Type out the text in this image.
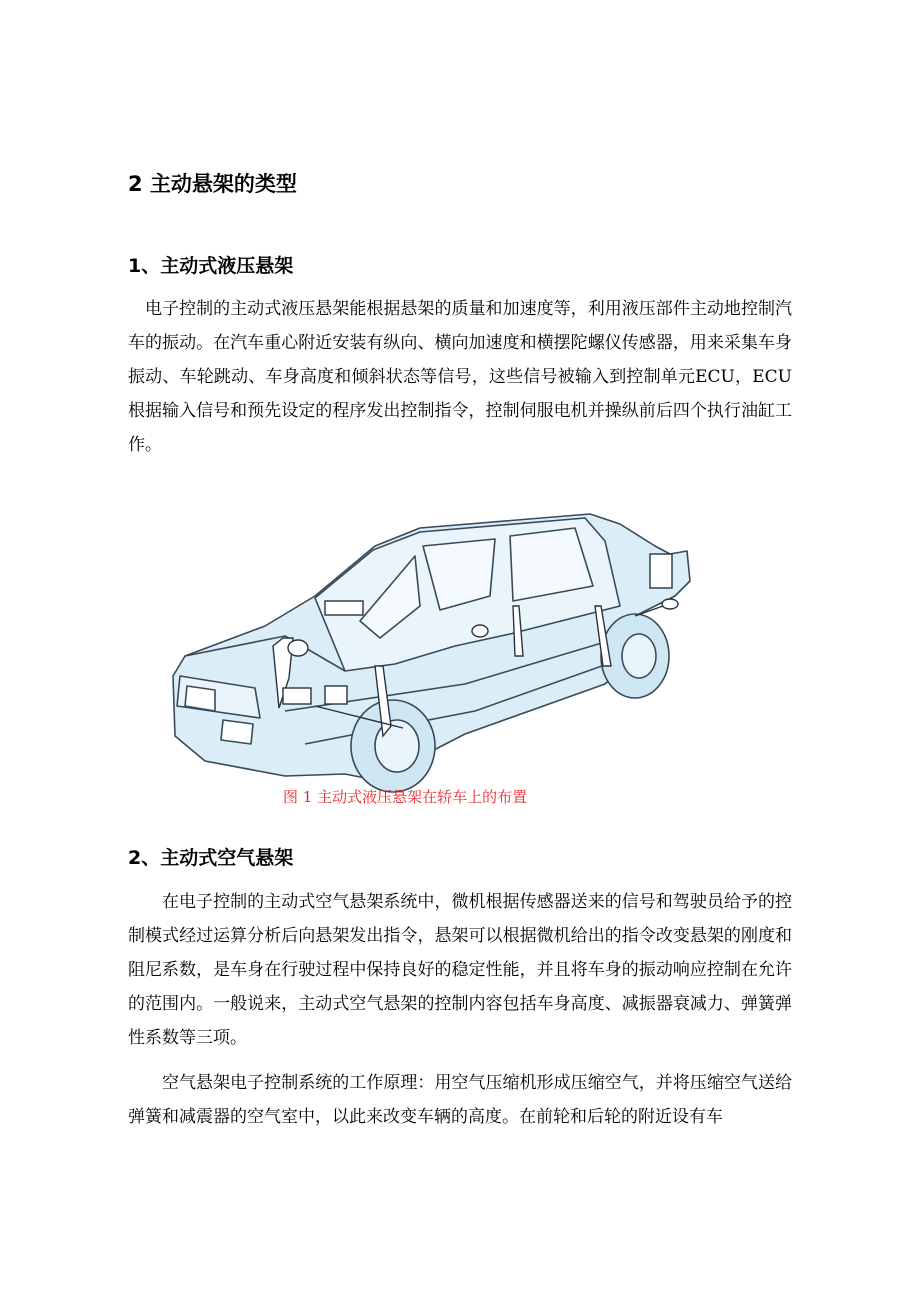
2 主动悬架的类型
1、主动式液压悬架

电子控制的主动式液压悬架能根据悬架的质量和加速度等，利用液压部件主动地控制汽车的振动。在汽车重心附近安装有纵向、横向加速度和横摆陀螺仪传感器，用来采集车身振动、车轮跳动、车身高度和倾斜状态等信号，这些信号被输入到控制单元ECU，ECU　　根据输入信号和预先设定的程序发出控制指令，控制伺服电机并操纵前后四个执行油缸工作。

图 1 主动式液压悬架在轿车上的布置

2、主动式空气悬架

在电子控制的主动式空气悬架系统中，微机根据传感器送来的信号和驾驶员给予的控制模式经过运算分析后向悬架发出指令，悬架可以根据微机给出的指令改变悬架的刚度和阻尼系数，是车身在行驶过程中保持良好的稳定性能，并且将车身的振动响应控制在允许的范围内。一般说来，主动式空气悬架的控制内容包括车身高度、减振器衰减力、弹簧弹性系数等三项。

空气悬架电子控制系统的工作原理：用空气压缩机形成压缩空气，并将压缩空气送给弹簧和减震器的空气室中，以此来改变车辆的高度。在前轮和后轮的附近设有车
